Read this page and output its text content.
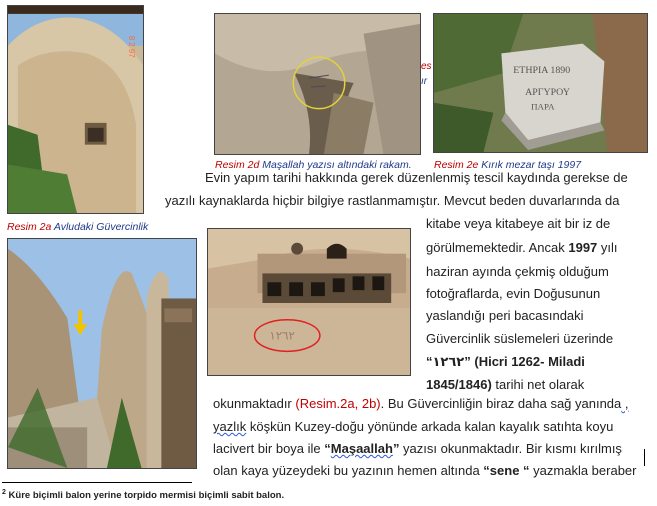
8 2 97
es
ır
ΕΤΗΡΙΑ 1890
ΑΡΓΥΡΟΥ
ΠΑΡΑ
Resim 2d Maşallah yazısı altındaki rakam. Resim 2e Kırık mezar taşı 1997
Resim 2a Avludaki Güvercinlik
١٢٦٢
Evin yapım tarihi hakkında gerek düzenlenmiş tescil kaydında gerekse de
yazılı kaynaklarda hiçbir bilgiye rastlanmamıştır. Mevcut beden duvarlarında da
kitabe veya kitabeye ait bir iz de
görülmemektedir. Ancak 1997 yılı
haziran ayında çekmiş olduğum
fotoğraflarda, evin Doğusunun
yaslandığı peri bacasındaki
Güvercinlik süslemeleri üzerinde
“١٢٦٢” (Hicri 1262- Miladi
1845/1846) tarihi net olarak
okunmaktadır (Resim.2a, 2b). Bu Güvercinliğin biraz daha sağ yanında ,
yazlık köşkün Kuzey-doğu yönünde arkada kalan kayalık satıhta koyu
lacivert bir boya ile “Maşaallah” yazısı okunmaktadır. Bir kısmı kırılmış
olan kaya yüzeydeki bu yazının hemen altında “sene “ yazmakla beraber
$^2$ Küre biçimli balon yerine torpido mermisi biçimli sabit balon.
